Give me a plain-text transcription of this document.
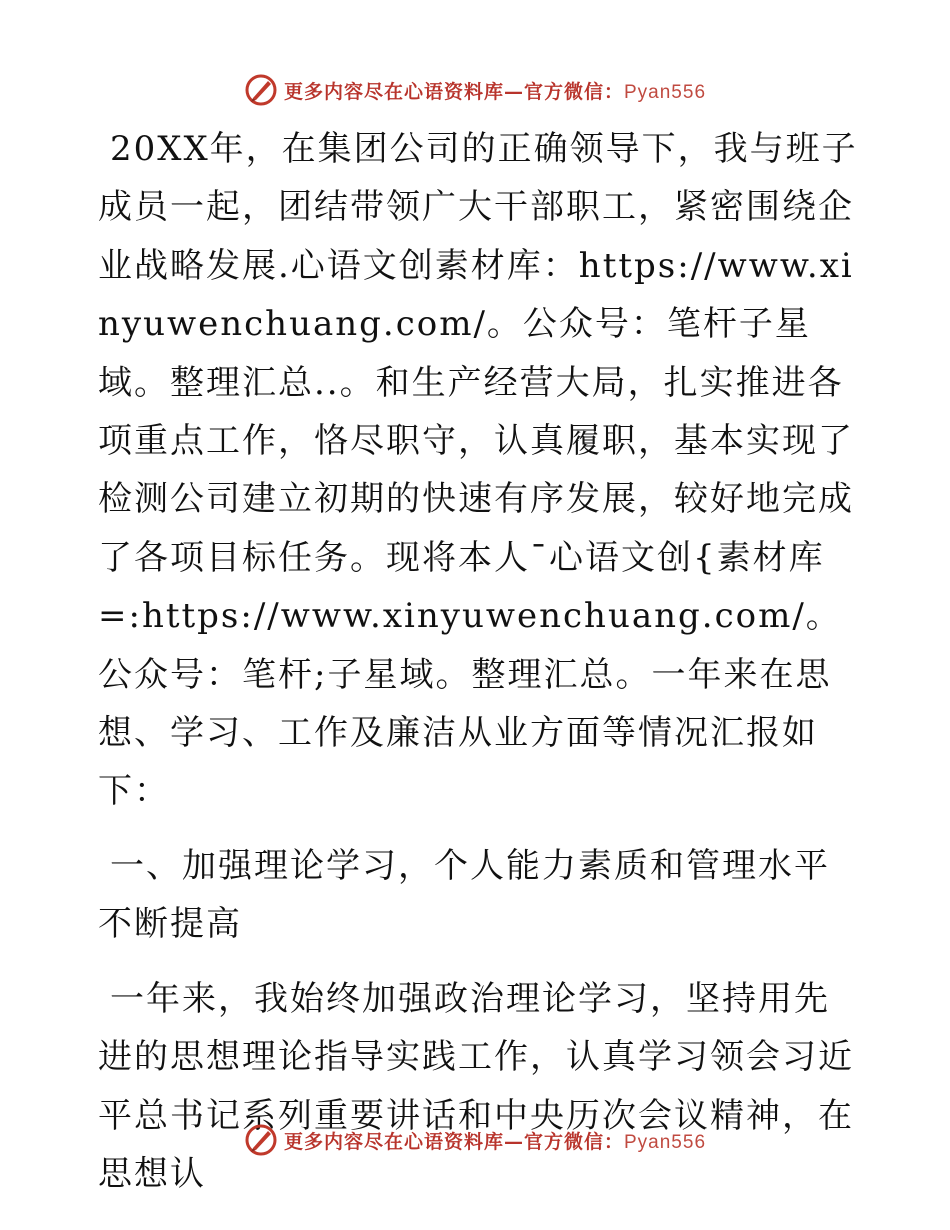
更多内容尽在心语资料库—官方微信：Pyan556

20XX年，在集团公司的正确领导下，我与班子成员一起，团结带领广大干部职工，紧密围绕企业战略发展.心语文创素材库：https://www.xinyuwenchuang.com/。公众号：笔杆子星域。整理汇总..。和生产经营大局，扎实推进各项重点工作，恪尽职守，认真履职，基本实现了检测公司建立初期的快速有序发展，较好地完成了各项目标任务。现将本人¯心语文创{素材库=:https://www.xinyuwenchuang.com/。公众号：笔杆;子星域。整理汇总。一年来在思想、学习、工作及廉洁从业方面等情况汇报如下：

一、加强理论学习，个人能力素质和管理水平不断提高

一年来，我始终加强政治理论学习，坚持用先进的思想理论指导实践工作，认真学习领会习近平总书记系列重要讲话和中央历次会议精神，在思想认

更多内容尽在心语资料库—官方微信：Pyan556
